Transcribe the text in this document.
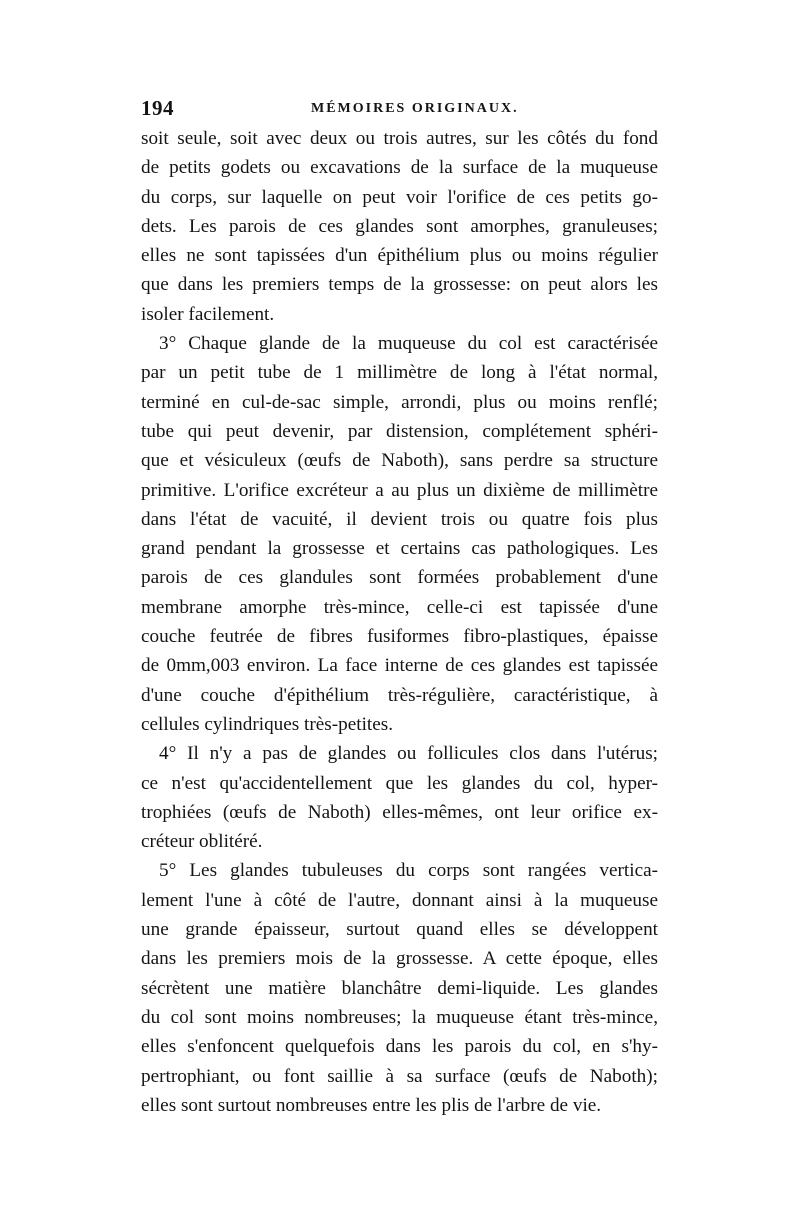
194	MÉMOIRES ORIGINAUX.
soit seule, soit avec deux ou trois autres, sur les côtés du fond
de petits godets ou excavations de la surface de la muqueuse
du corps, sur laquelle on peut voir l'orifice de ces petits go-
dets. Les parois de ces glandes sont amorphes, granuleuses;
elles ne sont tapissées d'un épithélium plus ou moins régulier
que dans les premiers temps de la grossesse: on peut alors les
isoler facilement.
3° Chaque glande de la muqueuse du col est caractérisée
par un petit tube de 1 millimètre de long à l'état normal,
terminé en cul-de-sac simple, arrondi, plus ou moins renflé;
tube qui peut devenir, par distension, complétement sphéri-
que et vésiculeux (œufs de Naboth), sans perdre sa structure
primitive. L'orifice excréteur a au plus un dixième de millimètre
dans l'état de vacuité, il devient trois ou quatre fois plus
grand pendant la grossesse et certains cas pathologiques. Les
parois de ces glandules sont formées probablement d'une
membrane amorphe très-mince, celle-ci est tapissée d'une
couche feutrée de fibres fusiformes fibro-plastiques, épaisse
de 0mm,003 environ. La face interne de ces glandes est tapissée
d'une couche d'épithélium très-régulière, caractéristique, à
cellules cylindriques très-petites.
4° Il n'y a pas de glandes ou follicules clos dans l'utérus;
ce n'est qu'accidentellement que les glandes du col, hyper-
trophiées (œufs de Naboth) elles-mêmes, ont leur orifice ex-
créteur oblitéré.
5° Les glandes tubuleuses du corps sont rangées vertica-
lement l'une à côté de l'autre, donnant ainsi à la muqueuse
une grande épaisseur, surtout quand elles se développent
dans les premiers mois de la grossesse. A cette époque, elles
sécrètent une matière blanchâtre demi-liquide. Les glandes
du col sont moins nombreuses; la muqueuse étant très-mince,
elles s'enfoncent quelquefois dans les parois du col, en s'hy-
pertrophiant, ou font saillie à sa surface (œufs de Naboth);
elles sont surtout nombreuses entre les plis de l'arbre de vie.
